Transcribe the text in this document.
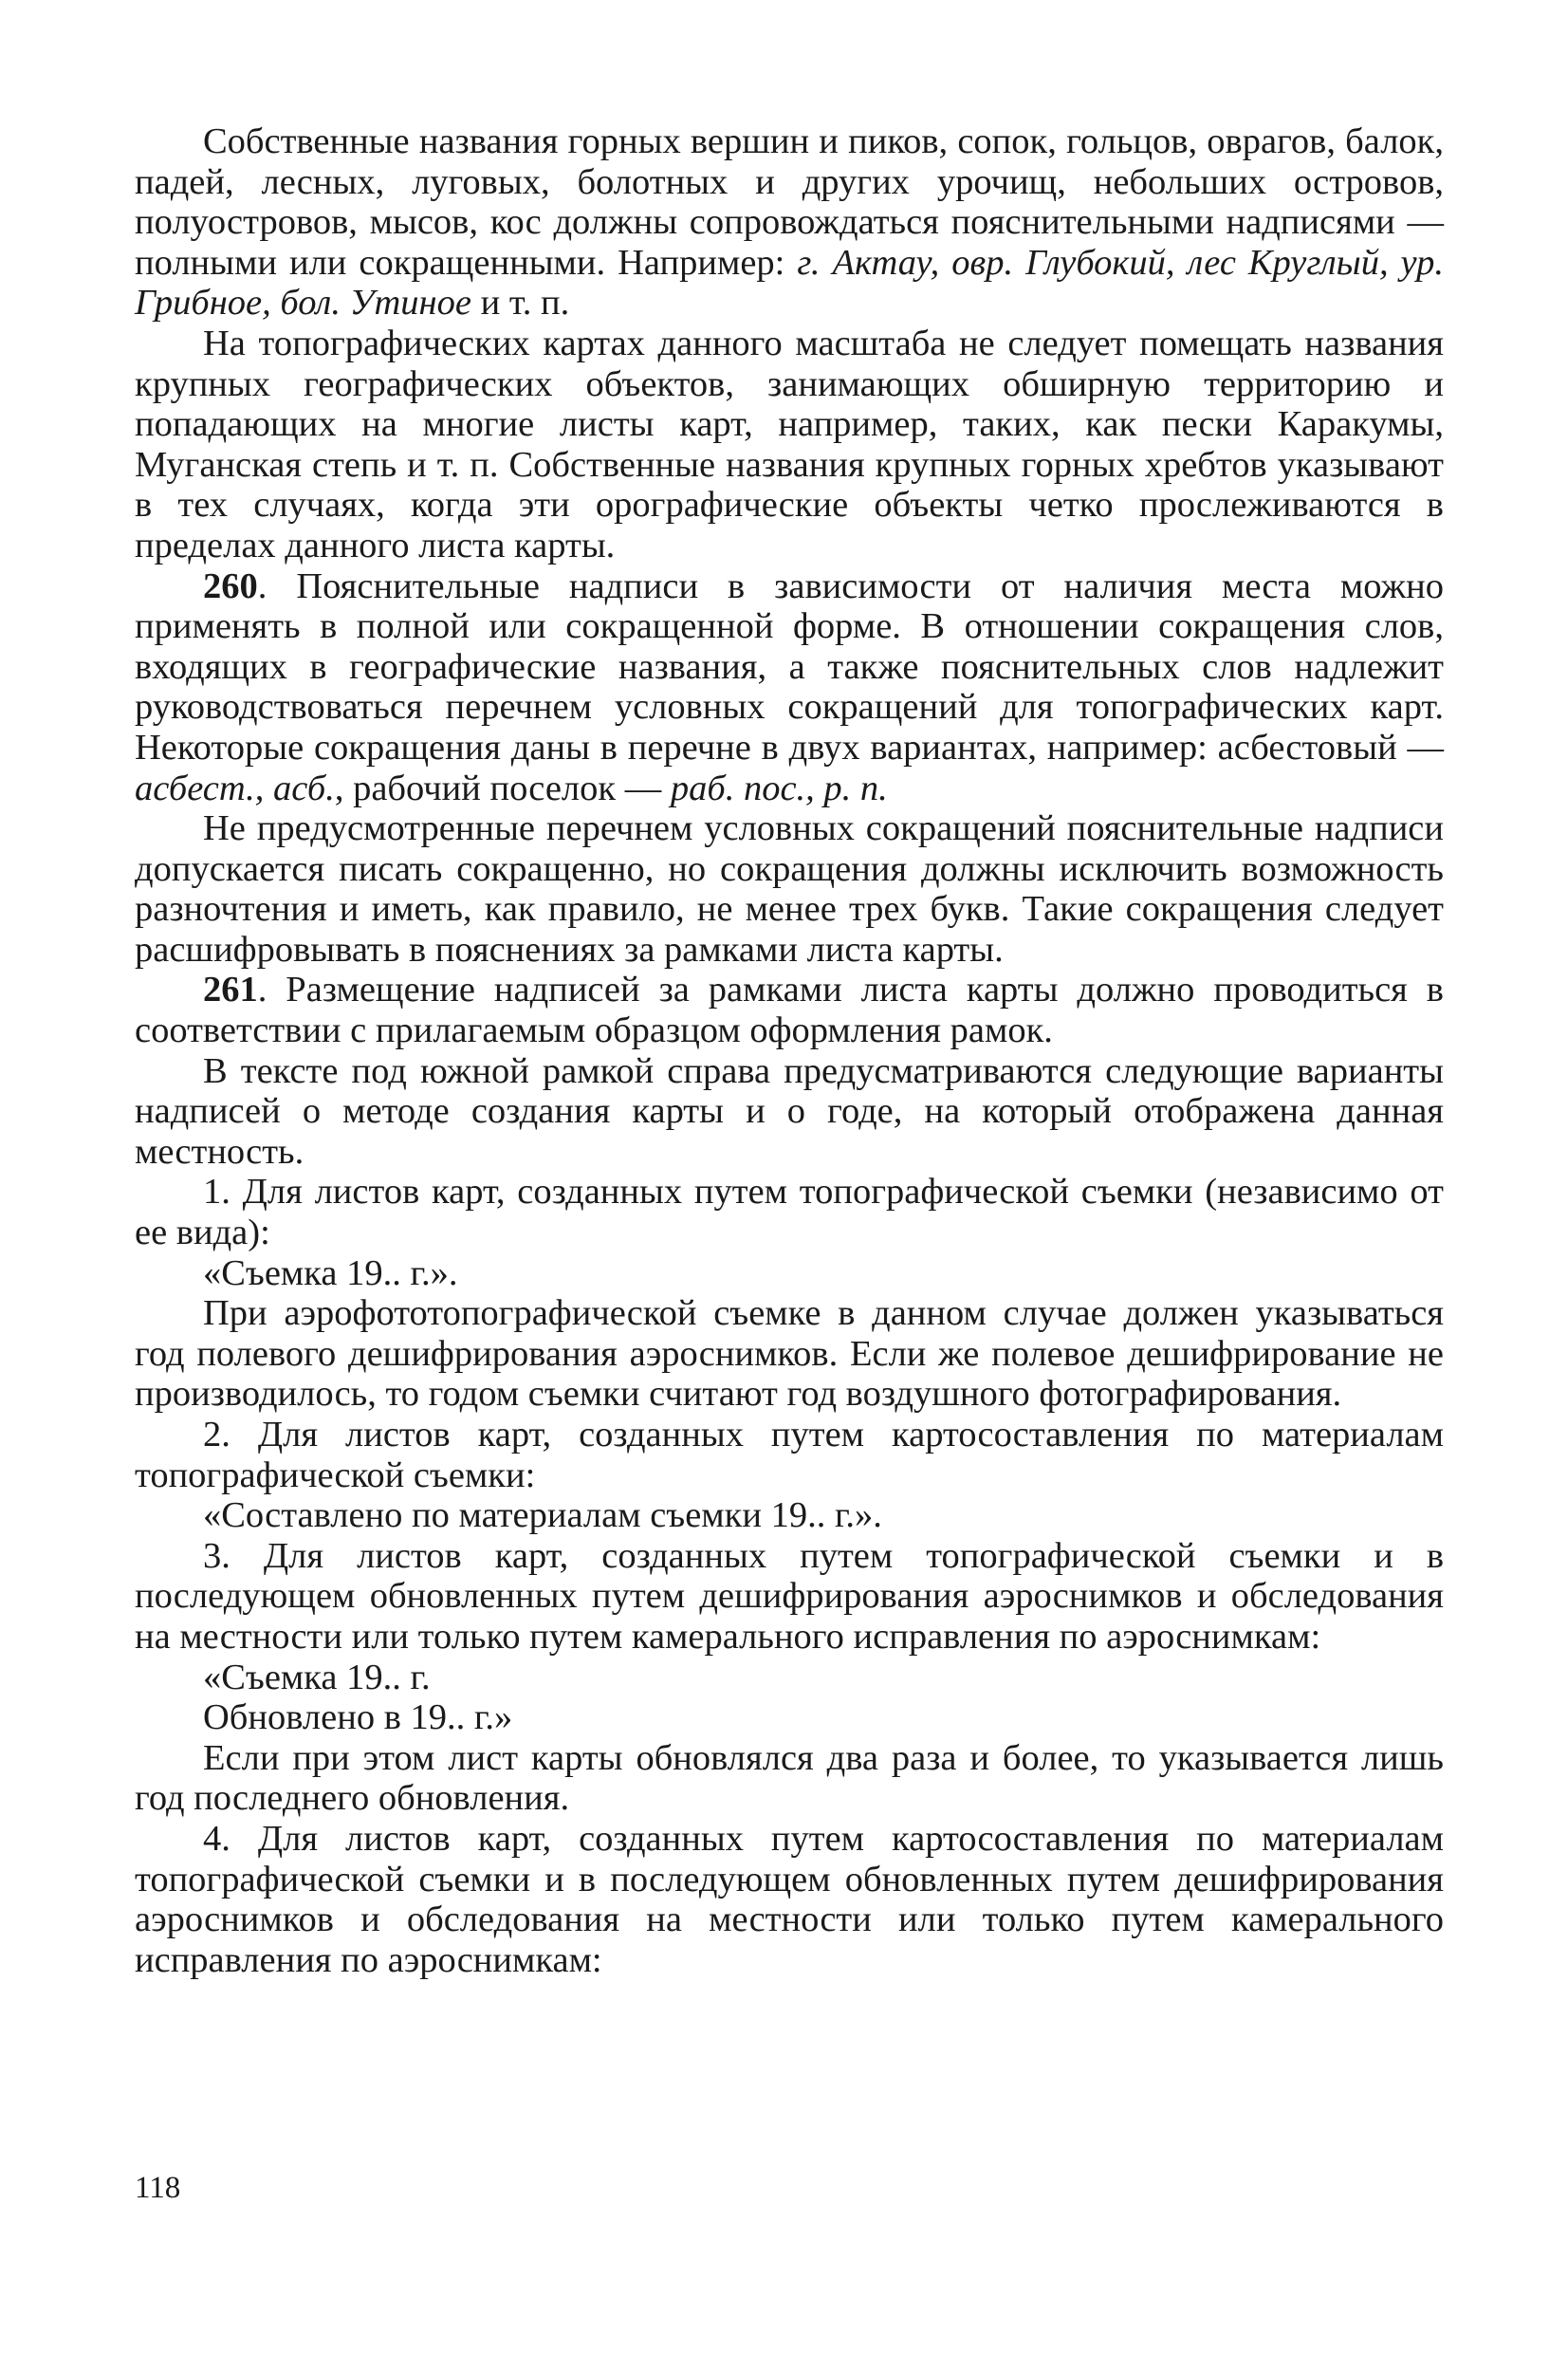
Собственные названия горных вершин и пиков, сопок, гольцов, оврагов, балок, падей, лесных, луговых, болотных и других урочищ, небольших островов, полуостровов, мысов, кос должны сопровождаться пояснительными надписями — полными или сокращенными. Например: г. Актау, овр. Глубокий, лес Круглый, ур. Грибное, бол. Утиное и т. п.

На топографических картах данного масштаба не следует помещать названия крупных географических объектов, занимающих обширную территорию и попадающих на многие листы карт, например, таких, как пески Каракумы, Муганская степь и т. п. Собственные названия крупных горных хребтов указывают в тех случаях, когда эти орографические объекты четко прослеживаются в пределах данного листа карты.

260. Пояснительные надписи в зависимости от наличия места можно применять в полной или сокращенной форме. В отношении сокращения слов, входящих в географические названия, а также пояснительных слов надлежит руководствоваться перечнем условных сокращений для топографических карт. Некоторые сокращения даны в перечне в двух вариантах, например: асбестовый — асбест., асб., рабочий поселок — раб. пос., р. п.

Не предусмотренные перечнем условных сокращений пояснительные надписи допускается писать сокращенно, но сокращения должны исключить возможность разночтения и иметь, как правило, не менее трех букв. Такие сокращения следует расшифровывать в пояснениях за рамками листа карты.

261. Размещение надписей за рамками листа карты должно проводиться в соответствии с прилагаемым образцом оформления рамок.

В тексте под южной рамкой справа предусматриваются следующие варианты надписей о методе создания карты и о годе, на который отображена данная местность.

1. Для листов карт, созданных путем топографической съемки (независимо от ее вида):

«Съемка 19.. г.».

При аэрофототопографической съемке в данном случае должен указываться год полевого дешифрирования аэроснимков. Если же полевое дешифрирование не производилось, то годом съемки считают год воздушного фотографирования.

2. Для листов карт, созданных путем картосоставления по материалам топографической съемки:

«Составлено по материалам съемки 19.. г.».

3. Для листов карт, созданных путем топографической съемки и в последующем обновленных путем дешифрирования аэроснимков и обследования на местности или только путем камерального исправления по аэроснимкам:

«Съемка 19.. г.

Обновлено в 19.. г.»

Если при этом лист карты обновлялся два раза и более, то указывается лишь год последнего обновления.

4. Для листов карт, созданных путем картосоставления по материалам топографической съемки и в последующем обновленных путем дешифрирования аэроснимков и обследования на местности или только путем камерального исправления по аэроснимкам:

118
